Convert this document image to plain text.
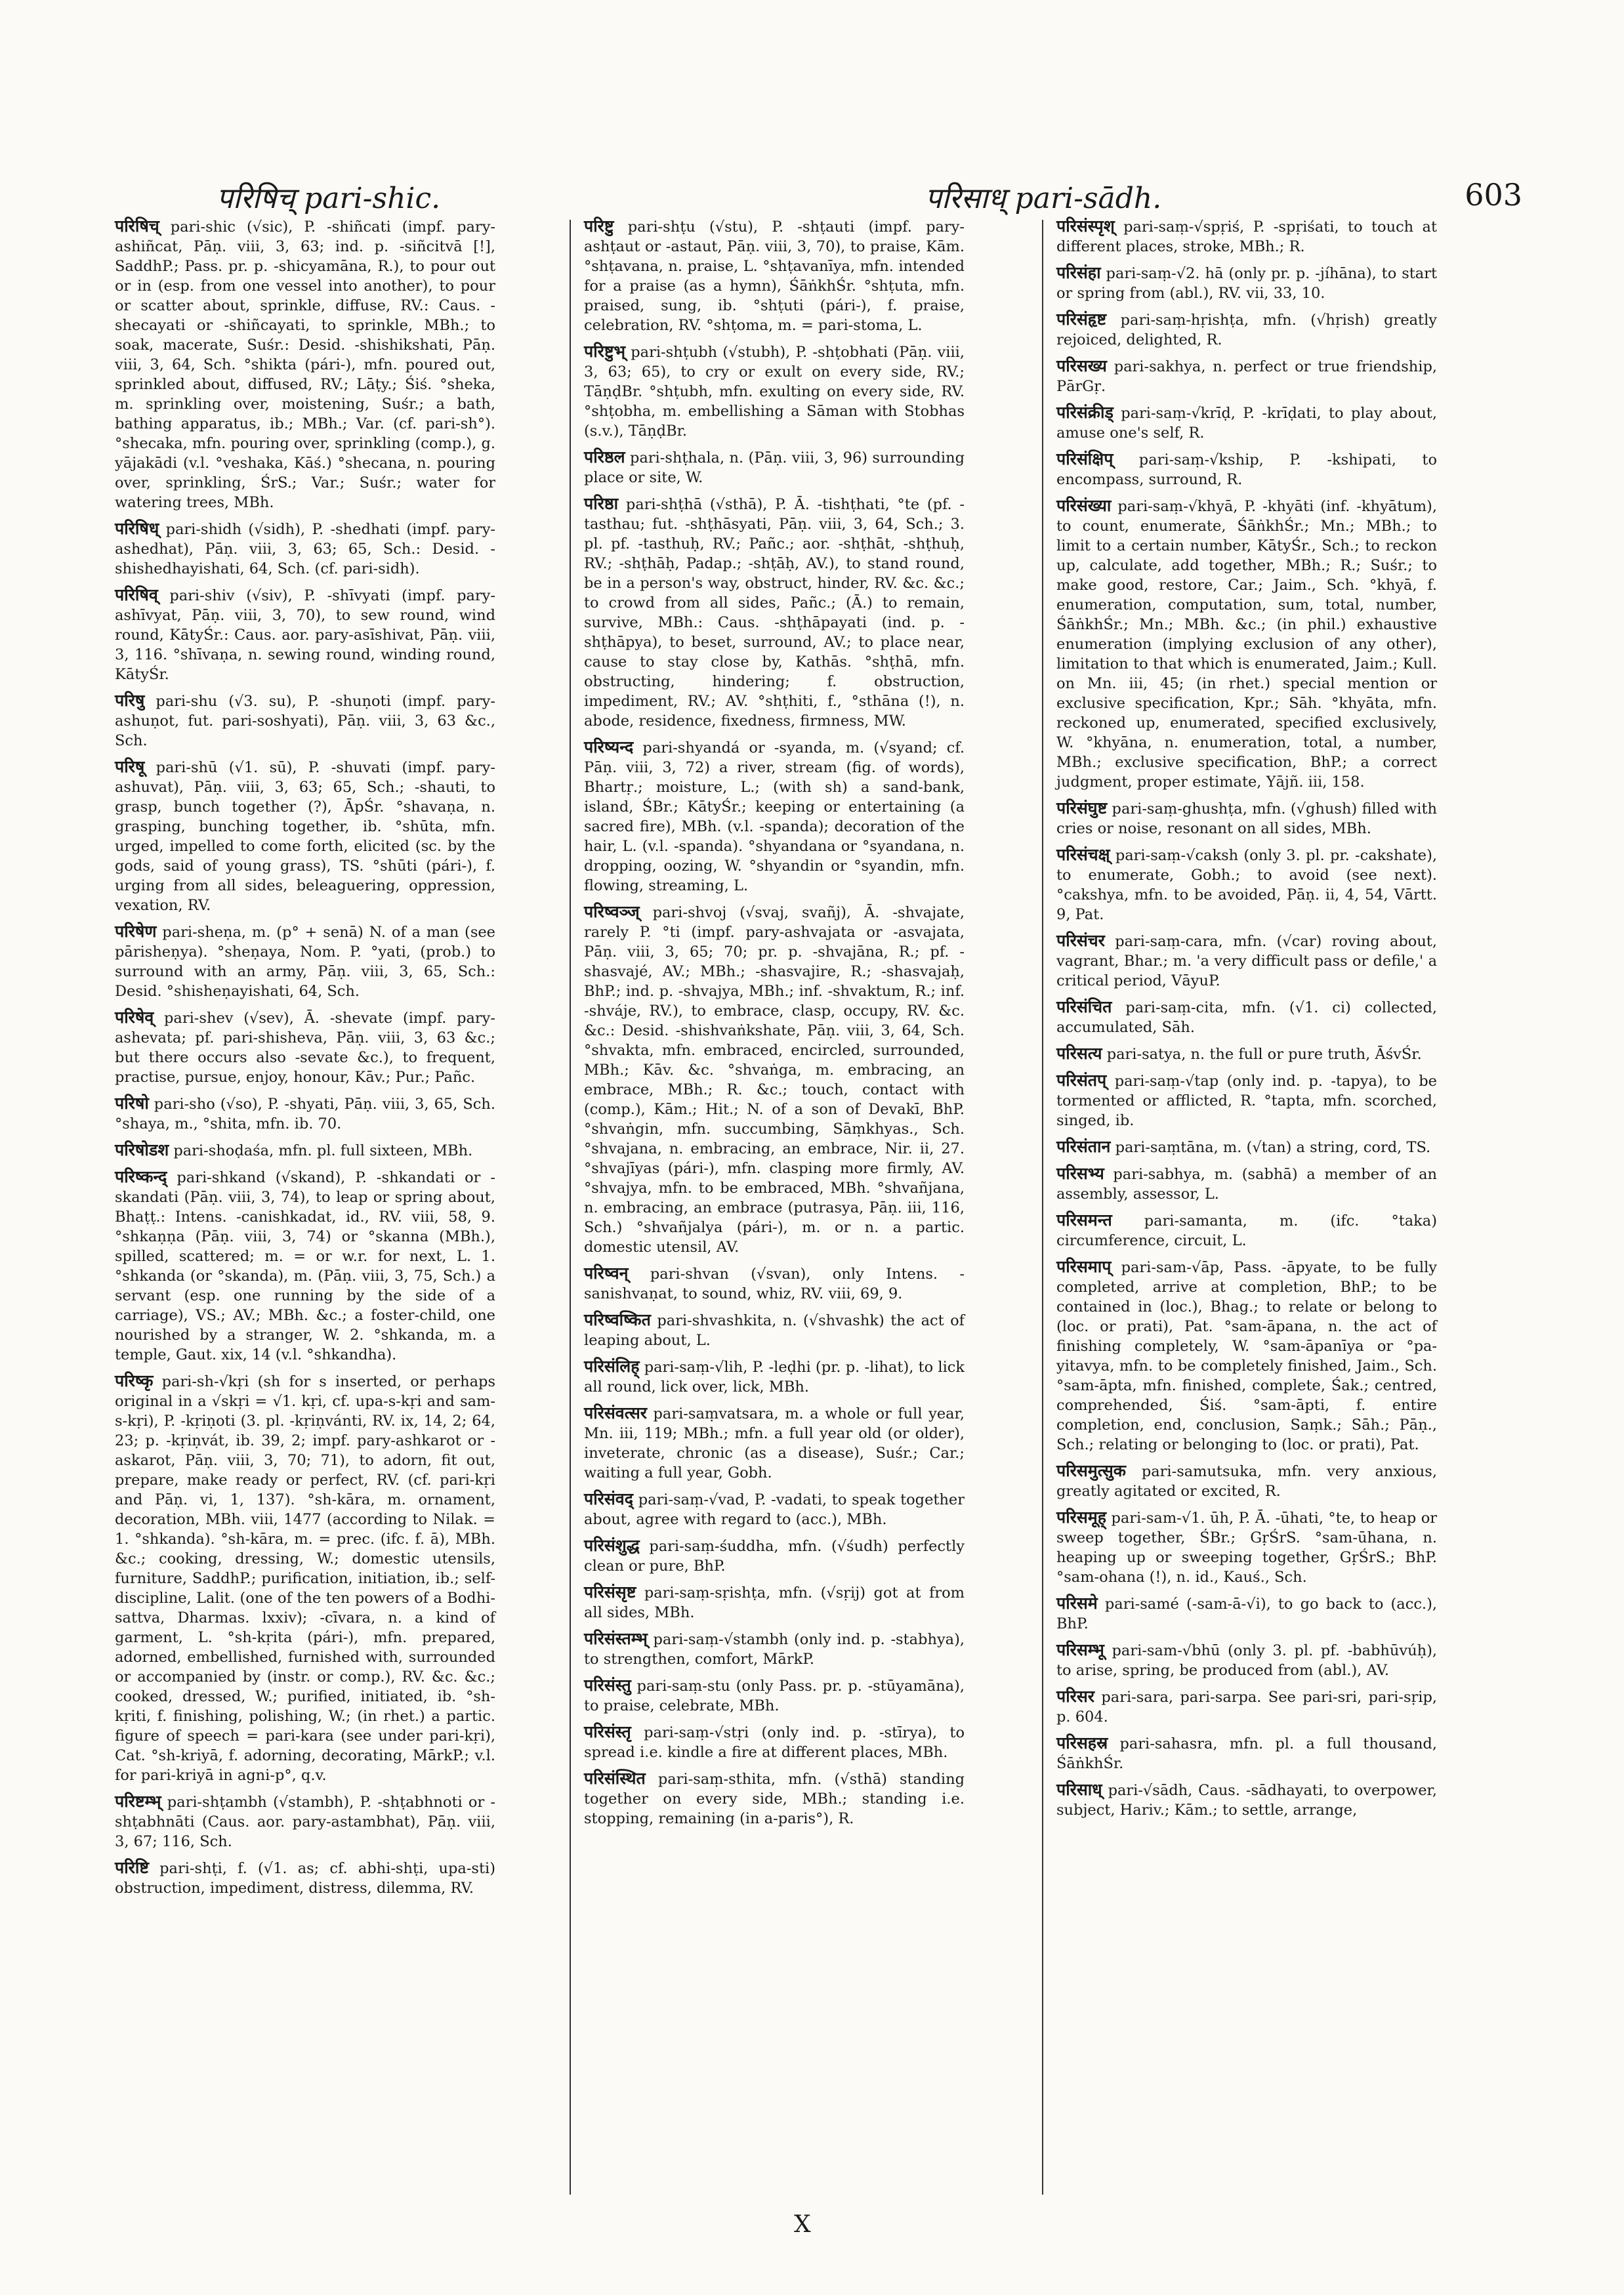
परिषिच् pari-shic.	परिसाध् pari-sādh.	603

परिषिच् pari-shic (√sic), P. -shiñcati (impf. pary-ashiñcat, Pāṇ. viii, 3, 63; ind. p. -siñcitvā [!], SaddhP.; Pass. pr. p. -shicyamāna, R.), to pour out or in (esp. from one vessel into another), to pour or scatter about, sprinkle, diffuse, RV.: Caus. -shecayati or -shiñcayati, to sprinkle, MBh.; to soak, macerate, Suśr.: Desid. -shishikshati, Pāṇ. viii, 3, 64, Sch. °shikta (pári-), mfn. poured out, sprinkled about, diffused, RV.; Lāṭy.; Śiś. °sheka, m. sprinkling over, moistening, Suśr.; a bath, bathing apparatus, ib.; MBh.; Var. (cf. pari-sh°). °shecaka, mfn. pouring over, sprinkling (comp.), g. yājakādi (v.l. °veshaka, Kāś.) °shecana, n. pouring over, sprinkling, ŚrS.; Var.; Suśr.; water for watering trees, MBh.

परिषिध् pari-shidh (√sidh), P. -shedhati (impf. pary-ashedhat), Pāṇ. viii, 3, 63; 65, Sch.: Desid. -shishedhayishati, 64, Sch. (cf. pari-sidh).

परिषिव् pari-shiv (√siv), P. -shīvyati (impf. pary-ashīvyat, Pāṇ. viii, 3, 70), to sew round, wind round, KātyŚr.: Caus. aor. pary-asīshivat, Pāṇ. viii, 3, 116. °shīvaṇa, n. sewing round, winding round, KātyŚr.

परिषु pari-shu (√3. su), P. -shuṇoti (impf. pary-ashuṇot, fut. pari-soshyati), Pāṇ. viii, 3, 63 &c., Sch.

परिषू pari-shū (√1. sū), P. -shuvati (impf. pary-ashuvat), Pāṇ. viii, 3, 63; 65, Sch.; -shauti, to grasp, bunch together (?), ĀpŚr. °shavaṇa, n. grasping, bunching together, ib. °shūta, mfn. urged, impelled to come forth, elicited (sc. by the gods, said of young grass), TS. °shūti (pári-), f. urging from all sides, beleaguering, oppression, vexation, RV.

परिषेण pari-sheṇa, m. (p° + senā) N. of a man (see pārisheṇya). °sheṇaya, Nom. P. °yati, (prob.) to surround with an army, Pāṇ. viii, 3, 65, Sch.: Desid. °shisheṇayishati, 64, Sch.

परिषेव् pari-shev (√sev), Ā. -shevate (impf. pary-ashevata; pf. pari-shisheva, Pāṇ. viii, 3, 63 &c.; but there occurs also -sevate &c.), to frequent, practise, pursue, enjoy, honour, Kāv.; Pur.; Pañc.

परिषो pari-sho (√so), P. -shyati, Pāṇ. viii, 3, 65, Sch. °shaya, m., °shita, mfn. ib. 70.

परिषोडश pari-shoḍaśa, mfn. pl. full sixteen, MBh.

परिष्कन्द् pari-shkand (√skand), P. -shkandati or -skandati (Pāṇ. viii, 3, 74), to leap or spring about, Bhaṭṭ.: Intens. -canishkadat, id., RV. viii, 58, 9. °shkaṇṇa (Pāṇ. viii, 3, 74) or °skanna (MBh.), spilled, scattered; m. = or w.r. for next, L. 1. °shkanda (or °skanda), m. (Pāṇ. viii, 3, 75, Sch.) a servant (esp. one running by the side of a carriage), VS.; AV.; MBh. &c.; a foster-child, one nourished by a stranger, W. 2. °shkanda, m. a temple, Gaut. xix, 14 (v.l. °shkandha).

परिष्कृ pari-sh-√kṛi (sh for s inserted, or perhaps original in a √skṛi = √1. kṛi, cf. upa-s-kṛi and sam-s-kṛi), P. -kṛiṇoti (3. pl. -kṛiṇvánti, RV. ix, 14, 2; 64, 23; p. -kṛiṇvát, ib. 39, 2; impf. pary-ashkarot or -askarot, Pāṇ. viii, 3, 70; 71), to adorn, fit out, prepare, make ready or perfect, RV. (cf. pari-kṛi and Pāṇ. vi, 1, 137). °sh-kāra, m. ornament, decoration, MBh. viii, 1477 (according to Nilak. = 1. °shkanda). °sh-kāra, m. = prec. (ifc. f. ā), MBh. &c.; cooking, dressing, W.; domestic utensils, furniture, SaddhP.; purification, initiation, ib.; self-discipline, Lalit. (one of the ten powers of a Bodhi-sattva, Dharmas. lxxiv); -cīvara, n. a kind of garment, L. °sh-kṛita (pári-), mfn. prepared, adorned, embellished, furnished with, surrounded or accompanied by (instr. or comp.), RV. &c. &c.; cooked, dressed, W.; purified, initiated, ib. °sh-kṛiti, f. finishing, polishing, W.; (in rhet.) a partic. figure of speech = pari-kara (see under pari-kṛi), Cat. °sh-kriyā, f. adorning, decorating, MārkP.; v.l. for pari-kriyā in agni-p°, q.v.

परिष्टम्भ् pari-shṭambh (√stambh), P. -shṭabhnoti or -shṭabhnāti (Caus. aor. pary-astambhat), Pāṇ. viii, 3, 67; 116, Sch.

परिष्टि pari-shṭi, f. (√1. as; cf. abhi-shṭi, upa-sti) obstruction, impediment, distress, dilemma, RV.

परिष्टु pari-shṭu (√stu), P. -shṭauti (impf. pary-ashṭaut or -astaut, Pāṇ. viii, 3, 70), to praise, Kām. °shṭavana, n. praise, L. °shṭavanīya, mfn. intended for a praise (as a hymn), ŚāṅkhŚr. °shṭuta, mfn. praised, sung, ib. °shṭuti (pári-), f. praise, celebration, RV. °shṭoma, m. = pari-stoma, L.

परिष्टुभ् pari-shṭubh (√stubh), P. -shṭobhati (Pāṇ. viii, 3, 63; 65), to cry or exult on every side, RV.; TāṇḍBr. °shṭubh, mfn. exulting on every side, RV. °shṭobha, m. embellishing a Sāman with Stobhas (s.v.), TāṇḍBr.

परिष्ठल pari-shṭhala, n. (Pāṇ. viii, 3, 96) surrounding place or site, W.

परिष्ठा pari-shṭhā (√sthā), P. Ā. -tishṭhati, °te (pf. -tasthau; fut. -shṭhāsyati, Pāṇ. viii, 3, 64, Sch.; 3. pl. pf. -tasthuḥ, RV.; Pañc.; aor. -shṭhāt, -shṭhuḥ, RV.; -shṭhāḥ, Padap.; -shṭāḥ, AV.), to stand round, be in a person's way, obstruct, hinder, RV. &c. &c.; to crowd from all sides, Pañc.; (Ā.) to remain, survive, MBh.: Caus. -shṭhāpayati (ind. p. -shṭhāpya), to beset, surround, AV.; to place near, cause to stay close by, Kathās. °shṭhā, mfn. obstructing, hindering; f. obstruction, impediment, RV.; AV. °shṭhiti, f., °sthāna (!), n. abode, residence, fixedness, firmness, MW.

परिष्यन्द pari-shyandá or -syanda, m. (√syand; cf. Pāṇ. viii, 3, 72) a river, stream (fig. of words), Bhartṛ.; moisture, L.; (with sh) a sand-bank, island, ŚBr.; KātyŚr.; keeping or entertaining (a sacred fire), MBh. (v.l. -spanda); decoration of the hair, L. (v.l. -spanda). °shyandana or °syandana, n. dropping, oozing, W. °shyandin or °syandin, mfn. flowing, streaming, L.

परिष्वञ्ज् pari-shvoj (√svaj, svañj), Ā. -shvajate, rarely P. °ti (impf. pary-ashvajata or -asvajata, Pāṇ. viii, 3, 65; 70; pr. p. -shvajāna, R.; pf. -shasvajé, AV.; MBh.; -shasvajire, R.; -shasvajaḥ, BhP.; ind. p. -shvajya, MBh.; inf. -shvaktum, R.; inf. -shváje, RV.), to embrace, clasp, occupy, RV. &c. &c.: Desid. -shishvaṅkshate, Pāṇ. viii, 3, 64, Sch. °shvakta, mfn. embraced, encircled, surrounded, MBh.; Kāv. &c. °shvaṅga, m. embracing, an embrace, MBh.; R. &c.; touch, contact with (comp.), Kām.; Hit.; N. of a son of Devakī, BhP. °shvaṅgin, mfn. succumbing, Sāṃkhyas., Sch. °shvajana, n. embracing, an embrace, Nir. ii, 27. °shvajīyas (pári-), mfn. clasping more firmly, AV. °shvajya, mfn. to be embraced, MBh. °shvañjana, n. embracing, an embrace (putrasya, Pāṇ. iii, 116, Sch.) °shvañjalya (pári-), m. or n. a partic. domestic utensil, AV.

परिष्वन् pari-shvan (√svan), only Intens. -sanishvaṇat, to sound, whiz, RV. viii, 69, 9.

परिष्वष्कित pari-shvashkita, n. (√shvashk) the act of leaping about, L.

परिसंलिह् pari-saṃ-√lih, P. -leḍhi (pr. p. -lihat), to lick all round, lick over, lick, MBh.

परिसंवत्सर pari-saṃvatsara, m. a whole or full year, Mn. iii, 119; MBh.; mfn. a full year old (or older), inveterate, chronic (as a disease), Suśr.; Car.; waiting a full year, Gobh.

परिसंवद् pari-saṃ-√vad, P. -vadati, to speak together about, agree with regard to (acc.), MBh.

परिसंशुद्ध pari-saṃ-śuddha, mfn. (√śudh) perfectly clean or pure, BhP.

परिसंसृष्ट pari-saṃ-sṛishṭa, mfn. (√sṛij) got at from all sides, MBh.

परिसंस्तम्भ् pari-saṃ-√stambh (only ind. p. -stabhya), to strengthen, comfort, MārkP.

परिसंस्तु pari-saṃ-stu (only Pass. pr. p. -stūyamāna), to praise, celebrate, MBh.

परिसंस्तृ pari-saṃ-√stṛi (only ind. p. -stīrya), to spread i.e. kindle a fire at different places, MBh.

परिसंस्थित pari-saṃ-sthita, mfn. (√sthā) standing together on every side, MBh.; standing i.e. stopping, remaining (in a-paris°), R.

परिसंस्पृश् pari-saṃ-√spṛiś, P. -spṛiśati, to touch at different places, stroke, MBh.; R.

परिसंहा pari-saṃ-√2. hā (only pr. p. -jíhāna), to start or spring from (abl.), RV. vii, 33, 10.

परिसंहृष्ट pari-saṃ-hṛishṭa, mfn. (√hṛish) greatly rejoiced, delighted, R.

परिसख्य pari-sakhya, n. perfect or true friendship, PārGṛ.

परिसंक्रीड् pari-saṃ-√krīḍ, P. -krīḍati, to play about, amuse one's self, R.

परिसंक्षिप् pari-saṃ-√kship, P. -kshipati, to encompass, surround, R.

परिसंख्या pari-saṃ-√khyā, P. -khyāti (inf. -khyātum), to count, enumerate, ŚāṅkhŚr.; Mn.; MBh.; to limit to a certain number, KātyŚr., Sch.; to reckon up, calculate, add together, MBh.; R.; Suśr.; to make good, restore, Car.; Jaim., Sch. °khyā, f. enumeration, computation, sum, total, number, ŚāṅkhŚr.; Mn.; MBh. &c.; (in phil.) exhaustive enumeration (implying exclusion of any other), limitation to that which is enumerated, Jaim.; Kull. on Mn. iii, 45; (in rhet.) special mention or exclusive specification, Kpr.; Sāh. °khyāta, mfn. reckoned up, enumerated, specified exclusively, W. °khyāna, n. enumeration, total, a number, MBh.; exclusive specification, BhP.; a correct judgment, proper estimate, Yājñ. iii, 158.

परिसंघुष्ट pari-saṃ-ghushṭa, mfn. (√ghush) filled with cries or noise, resonant on all sides, MBh.

परिसंचक्ष् pari-saṃ-√caksh (only 3. pl. pr. -cakshate), to enumerate, Gobh.; to avoid (see next). °cakshya, mfn. to be avoided, Pāṇ. ii, 4, 54, Vārtt. 9, Pat.

परिसंचर pari-saṃ-cara, mfn. (√car) roving about, vagrant, Bhar.; m. 'a very difficult pass or defile,' a critical period, VāyuP.

परिसंचित pari-saṃ-cita, mfn. (√1. ci) collected, accumulated, Sāh.

परिसत्य pari-satya, n. the full or pure truth, ĀśvŚr.

परिसंतप् pari-saṃ-√tap (only ind. p. -tapya), to be tormented or afflicted, R. °tapta, mfn. scorched, singed, ib.

परिसंतान pari-saṃtāna, m. (√tan) a string, cord, TS.

परिसभ्य pari-sabhya, m. (sabhā) a member of an assembly, assessor, L.

परिसमन्त pari-samanta, m. (ifc. °taka) circumference, circuit, L.

परिसमाप् pari-sam-√āp, Pass. -āpyate, to be fully completed, arrive at completion, BhP.; to be contained in (loc.), Bhag.; to relate or belong to (loc. or prati), Pat. °sam-āpana, n. the act of finishing completely, W. °sam-āpanīya or °pa-yitavya, mfn. to be completely finished, Jaim., Sch. °sam-āpta, mfn. finished, complete, Śak.; centred, comprehended, Śiś. °sam-āpti, f. entire completion, end, conclusion, Saṃk.; Sāh.; Pāṇ., Sch.; relating or belonging to (loc. or prati), Pat.

परिसमुत्सुक pari-samutsuka, mfn. very anxious, greatly agitated or excited, R.

परिसमूह् pari-sam-√1. ūh, P. Ā. -ūhati, °te, to heap or sweep together, ŚBr.; GṛŚrS. °sam-ūhana, n. heaping up or sweeping together, GṛŚrS.; BhP. °sam-ohana (!), n. id., Kauś., Sch.

परिसमे pari-samé (-sam-ā-√i), to go back to (acc.), BhP.

परिसम्भू pari-sam-√bhū (only 3. pl. pf. -babhūvúḥ), to arise, spring, be produced from (abl.), AV.

परिसर pari-sara, pari-sarpa. See pari-sri, pari-sṛip, p. 604.

परिसहस्र pari-sahasra, mfn. pl. a full thousand, ŚāṅkhŚr.

परिसाध् pari-√sādh, Caus. -sādhayati, to overpower, subject, Hariv.; Kām.; to settle, arrange,

X
